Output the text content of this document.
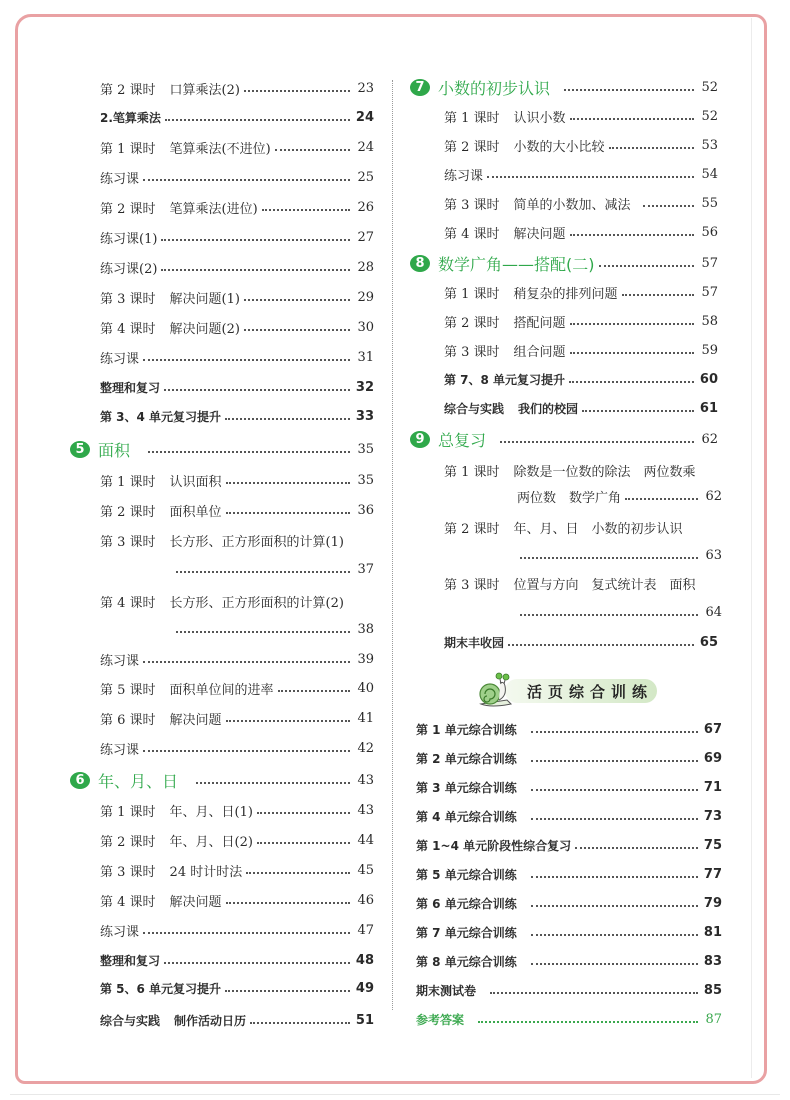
第 2 课时 口算乘法(2)	23
2.笔算乘法	24
第 1 课时 笔算乘法(不进位)	24
练习课	25
第 2 课时 笔算乘法(进位)	26
练习课(1)	27
练习课(2)	28
第 3 课时 解决问题(1)	29
第 4 课时 解决问题(2)	30
练习课	31
整理和复习	32
第 3、4 单元复习提升	33
5 面积	35
第 1 课时 认识面积	35
第 2 课时 面积单位	36
第 3 课时 长方形、正方形面积的计算(1)
37
第 4 课时 长方形、正方形面积的计算(2)
38
练习课	39
第 5 课时 面积单位间的进率	40
第 6 课时 解决问题	41
练习课	42
6 年、月、日	43
第 1 课时 年、月、日(1)	43
第 2 课时 年、月、日(2)	44
第 3 课时 24 时计时法	45
第 4 课时 解决问题	46
练习课	47
整理和复习	48
第 5、6 单元复习提升	49
综合与实践 制作活动日历	51
7 小数的初步认识	52
第 1 课时 认识小数	52
第 2 课时 小数的大小比较	53
练习课	54
第 3 课时 简单的小数加、减法	55
第 4 课时 解决问题	56
8 数学广角——搭配(二)	57
第 1 课时 稍复杂的排列问题	57
第 2 课时 搭配问题	58
第 3 课时 组合问题	59
第 7、8 单元复习提升	60
综合与实践 我们的校园	61
9 总复习	62
第 1 课时 除数是一位数的除法　两位数乘
两位数　数学广角	62
第 2 课时 年、月、日　小数的初步认识
63
第 3 课时 位置与方向　复式统计表　面积
64
期末丰收园	65
活页综合训练
第 1 单元综合训练	67
第 2 单元综合训练	69
第 3 单元综合训练	71
第 4 单元综合训练	73
第 1~4 单元阶段性综合复习	75
第 5 单元综合训练	77
第 6 单元综合训练	79
第 7 单元综合训练	81
第 8 单元综合训练	83
期末测试卷	85
参考答案	87
